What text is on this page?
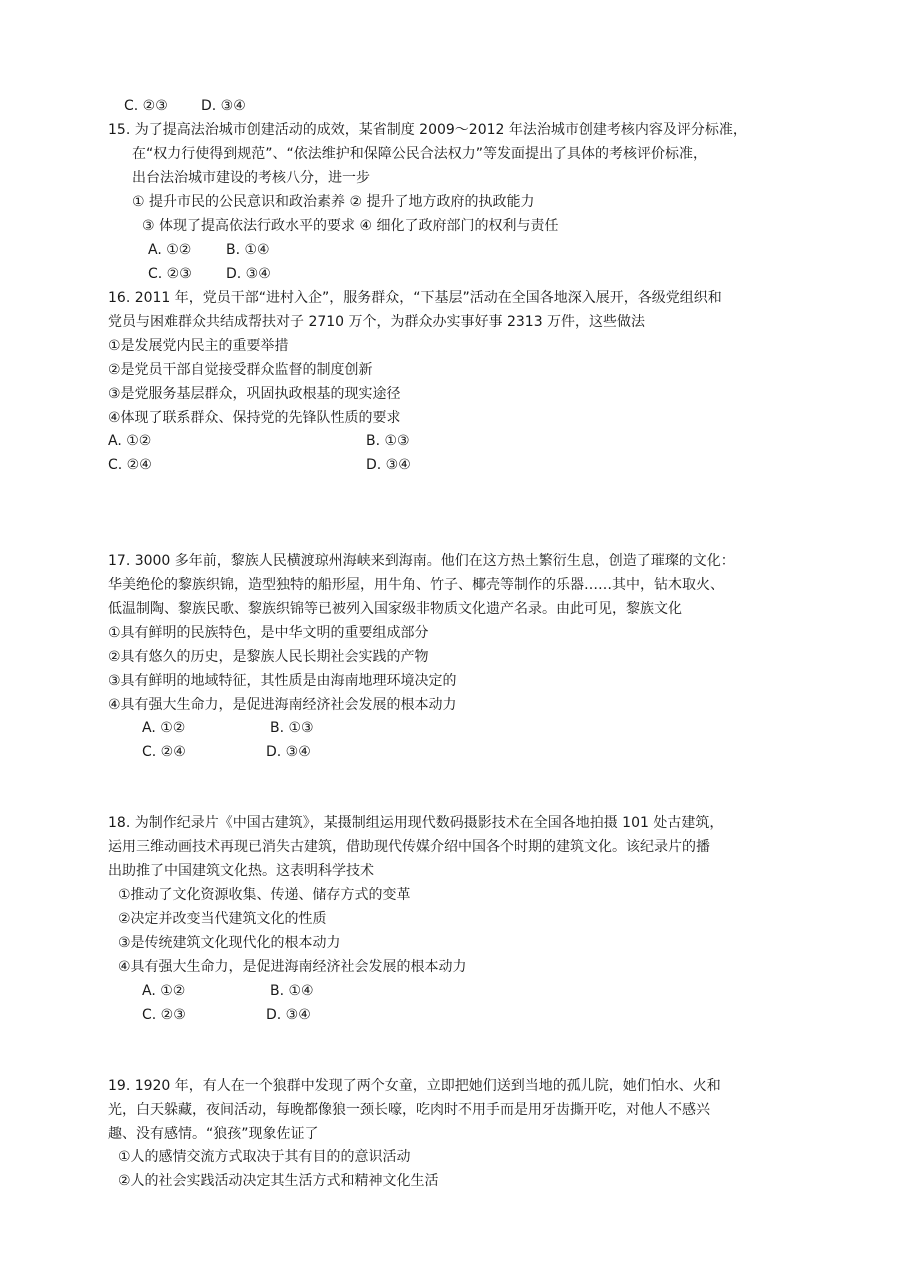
C. ②③ D. ③④
15. 为了提高法治城市创建活动的成效，某省制度 2009～2012 年法治城市创建考核内容及评分标准，
在“权力行使得到规范”、“依法维护和保障公民合法权力”等发面提出了具体的考核评价标准，
出台法治城市建设的考核八分，进一步
① 提升市民的公民意识和政治素养 ② 提升了地方政府的执政能力
③ 体现了提高依法行政水平的要求 ④ 细化了政府部门的权利与责任
A. ①② B. ①④
C. ②③ D. ③④
16. 2011 年，党员干部“进村入企”，服务群众，“下基层”活动在全国各地深入展开，各级党组织和
党员与困难群众共结成帮扶对子 2710 万个，为群众办实事好事 2313 万件，这些做法
①是发展党内民主的重要举措
②是党员干部自觉接受群众监督的制度创新
③是党服务基层群众，巩固执政根基的现实途径
④体现了联系群众、保持党的先锋队性质的要求
A. ①②	B. ①③
C. ②④	D. ③④
17. 3000 多年前，黎族人民横渡琼州海峡来到海南。他们在这方热土繁衍生息，创造了璀璨的文化：
华美绝伦的黎族织锦，造型独特的船形屋，用牛角、竹子、椰壳等制作的乐器……其中，钻木取火、
低温制陶、黎族民歌、黎族织锦等已被列入国家级非物质文化遗产名录。由此可见，黎族文化
①具有鲜明的民族特色，是中华文明的重要组成部分
②具有悠久的历史，是黎族人民长期社会实践的产物
③具有鲜明的地域特征，其性质是由海南地理环境决定的
④具有强大生命力，是促进海南经济社会发展的根本动力
A. ①②	B. ①③
C. ②④	D. ③④
18. 为制作纪录片《中国古建筑》，某摄制组运用现代数码摄影技术在全国各地拍摄 101 处古建筑，
运用三维动画技术再现已消失古建筑，借助现代传媒介绍中国各个时期的建筑文化。该纪录片的播
出助推了中国建筑文化热。这表明科学技术
①推动了文化资源收集、传递、储存方式的变革
②决定并改变当代建筑文化的性质
③是传统建筑文化现代化的根本动力
④具有强大生命力，是促进海南经济社会发展的根本动力
A. ①②	B. ①④
C. ②③	D. ③④
19. 1920 年，有人在一个狼群中发现了两个女童，立即把她们送到当地的孤儿院，她们怕水、火和
光，白天躲藏，夜间活动，每晚都像狼一颈长嚎，吃肉时不用手而是用牙齿撕开吃，对他人不感兴
趣、没有感情。“狼孩”现象佐证了
①人的感情交流方式取决于其有目的的意识活动
②人的社会实践活动决定其生活方式和精神文化生活
